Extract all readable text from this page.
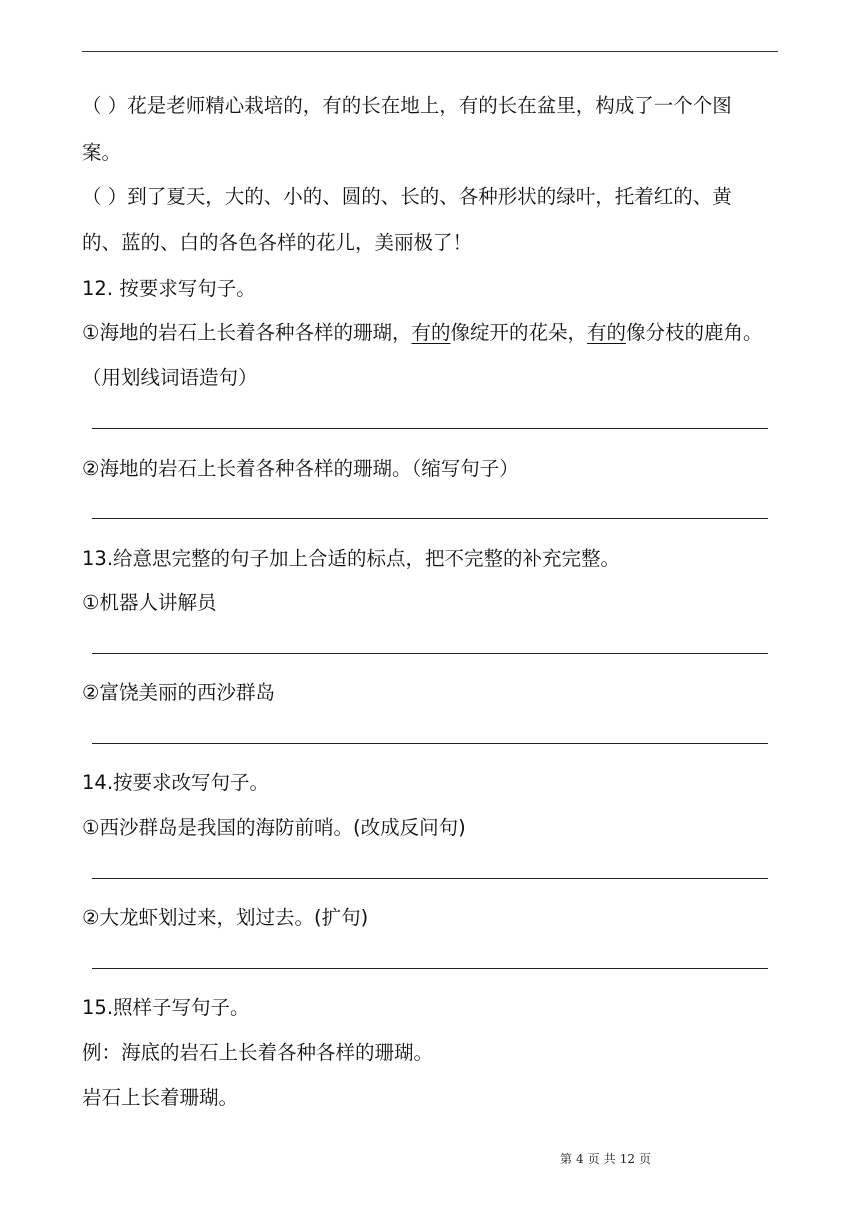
（ ）花是老师精心栽培的，有的长在地上，有的长在盆里，构成了一个个图
案。
（ ）到了夏天，大的、小的、圆的、长的、各种形状的绿叶，托着红的、黄
的、蓝的、白的各色各样的花儿，美丽极了！
12. 按要求写句子。
①海地的岩石上长着各种各样的珊瑚，有的像绽开的花朵，有的像分枝的鹿角。
（用划线词语造句）
②海地的岩石上长着各种各样的珊瑚。（缩写句子）
13.给意思完整的句子加上合适的标点，把不完整的补充完整。
①机器人讲解员
②富饶美丽的西沙群岛
14.按要求改写句子。
①西沙群岛是我国的海防前哨。(改成反问句)
②大龙虾划过来，划过去。(扩句)
15.照样子写句子。
例：海底的岩石上长着各种各样的珊瑚。
岩石上长着珊瑚。
第 4 页 共 12 页
